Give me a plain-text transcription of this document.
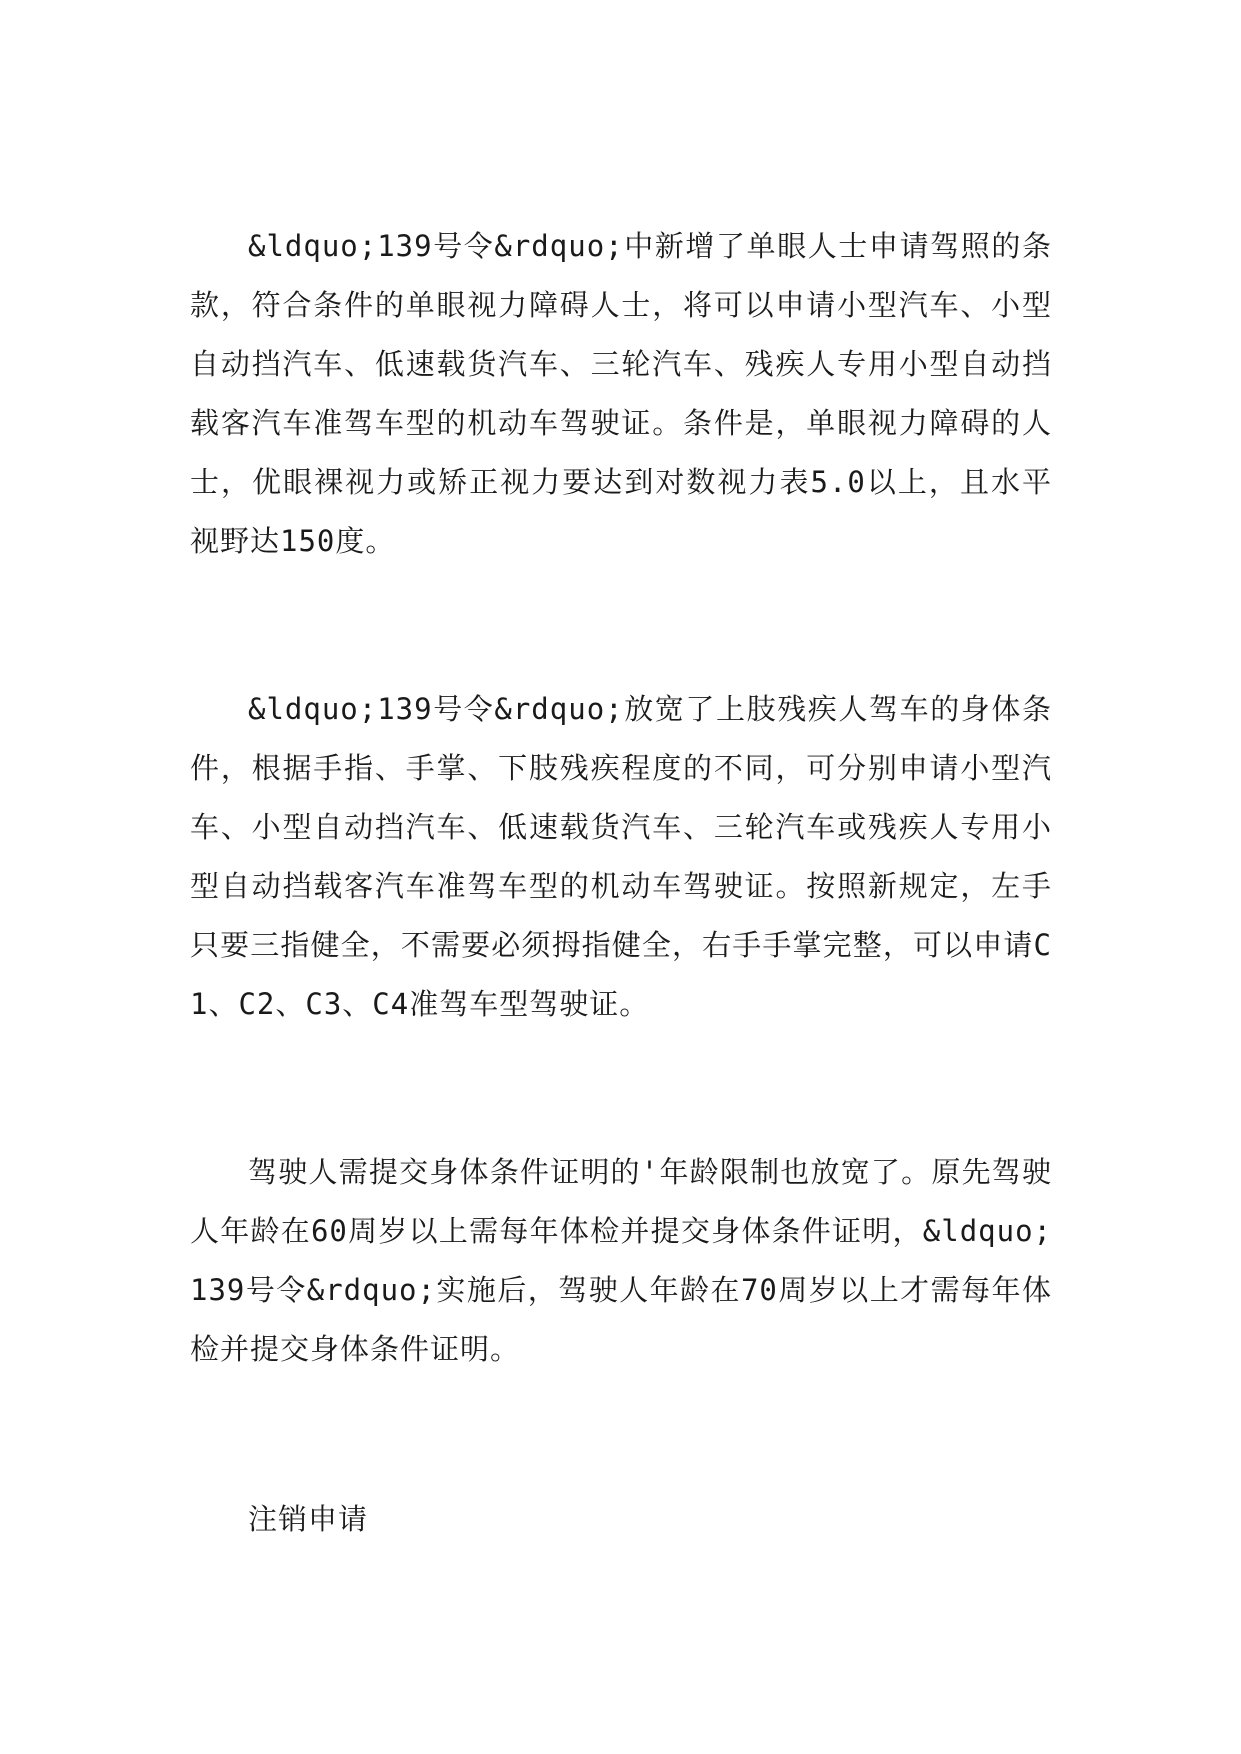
&ldquo;139号令&rdquo;中新增了单眼人士申请驾照的条款，符合条件的单眼视力障碍人士，将可以申请小型汽车、小型自动挡汽车、低速载货汽车、三轮汽车、残疾人专用小型自动挡载客汽车准驾车型的机动车驾驶证。条件是，单眼视力障碍的人士，优眼裸视力或矫正视力要达到对数视力表5.0以上，且水平视野达150度。

&ldquo;139号令&rdquo;放宽了上肢残疾人驾车的身体条件，根据手指、手掌、下肢残疾程度的不同，可分别申请小型汽车、小型自动挡汽车、低速载货汽车、三轮汽车或残疾人专用小型自动挡载客汽车准驾车型的机动车驾驶证。按照新规定，左手只要三指健全，不需要必须拇指健全，右手手掌完整，可以申请C1、C2、C3、C4准驾车型驾驶证。

驾驶人需提交身体条件证明的'年龄限制也放宽了。原先驾驶人年龄在60周岁以上需每年体检并提交身体条件证明，&ldquo;139号令&rdquo;实施后，驾驶人年龄在70周岁以上才需每年体检并提交身体条件证明。

注销申请
